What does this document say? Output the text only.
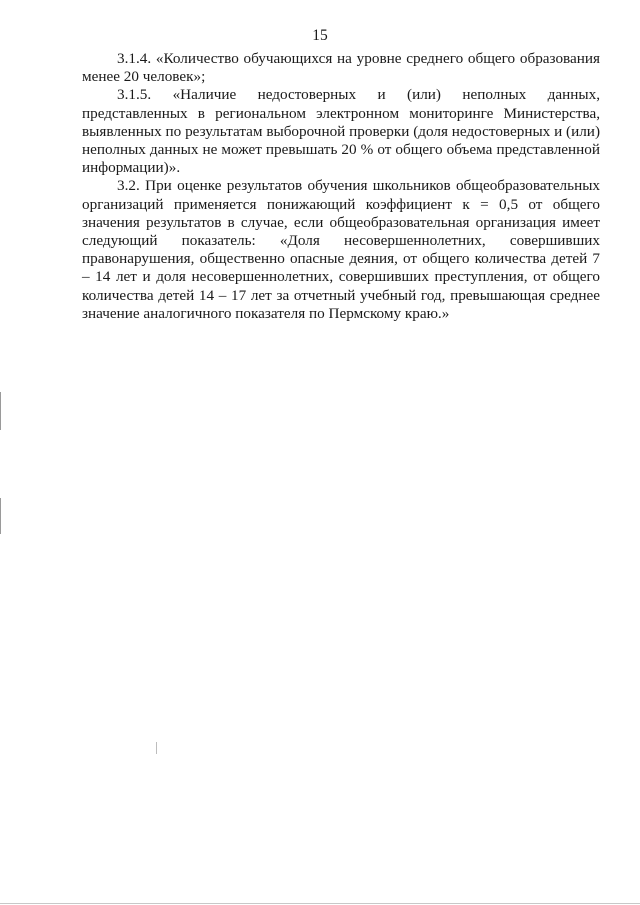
15

3.1.4. «Количество обучающихся на уровне среднего общего образования менее 20 человек»;

3.1.5. «Наличие недостоверных и (или) неполных данных, представленных в региональном электронном мониторинге Министерства, выявленных по результатам выборочной проверки (доля недостоверных и (или) неполных данных не может превышать 20 % от общего объема представленной информации)».

3.2. При оценке результатов обучения школьников общеобразовательных организаций применяется понижающий коэффициент к = 0,5 от общего значения результатов в случае, если общеобразовательная организация имеет следующий показатель: «Доля несовершеннолетних, совершивших правонарушения, общественно опасные деяния, от общего количества детей 7 – 14 лет и доля несовершеннолетних, совершивших преступления, от общего количества детей 14 – 17 лет за отчетный учебный год, превышающая среднее значение аналогичного показателя по Пермскому краю.»
